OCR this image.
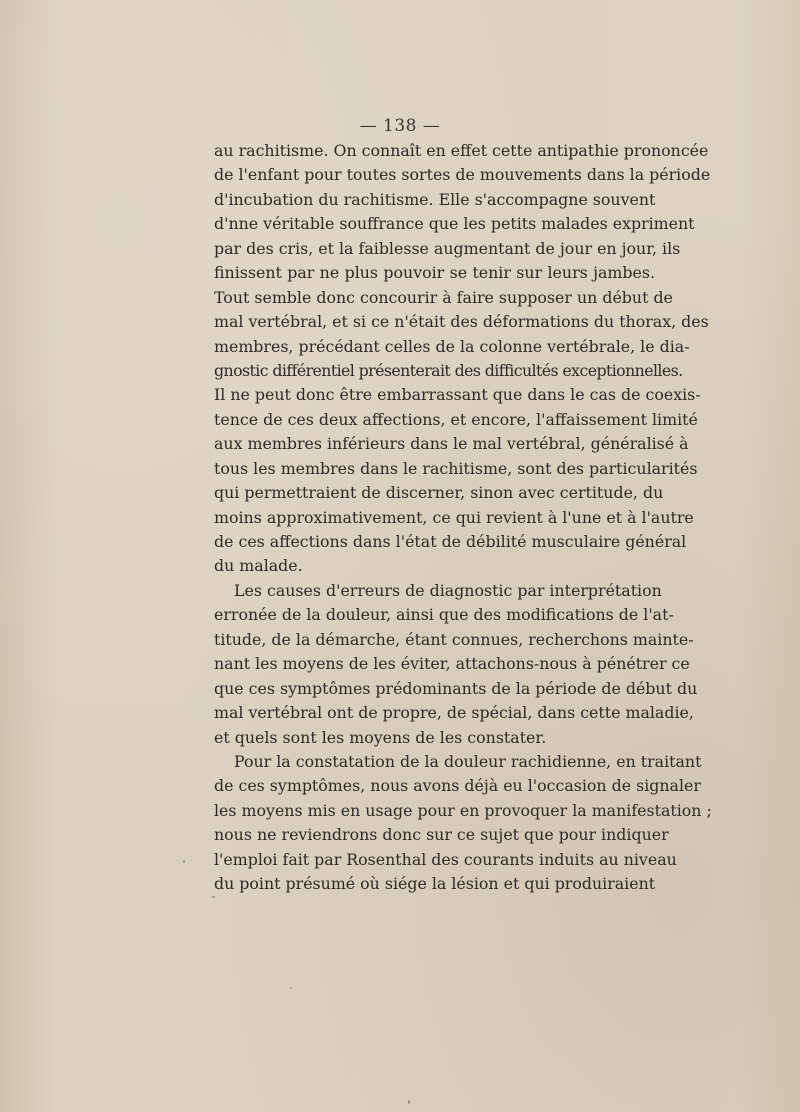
— 138 —
au rachitisme. On connaît en effet cette antipathie prononcée
de l'enfant pour toutes sortes de mouvements dans la période
d'incubation du rachitisme. Elle s'accompagne souvent
d'nne véritable souffrance que les petits malades expriment
par des cris, et la faiblesse augmentant de jour en jour, ils
finissent par ne plus pouvoir se tenir sur leurs jambes.
Tout semble donc concourir à faire supposer un début de
mal vertébral, et si ce n'était des déformations du thorax, des
membres, précédant celles de la colonne vertébrale, le dia-
gnostic différentiel présenterait des difficultés exceptionnelles.
Il ne peut donc être embarrassant que dans le cas de coexis-
tence de ces deux affections, et encore, l'affaissement limité
aux membres inférieurs dans le mal vertébral, généralisé à
tous les membres dans le rachitisme, sont des particularités
qui permettraient de discerner, sinon avec certitude, du
moins approximativement, ce qui revient à l'une et à l'autre
de ces affections dans l'état de débilité musculaire général
du malade.
Les causes d'erreurs de diagnostic par interprétation
erronée de la douleur, ainsi que des modifications de l'at-
titude, de la démarche, étant connues, recherchons mainte-
nant les moyens de les éviter, attachons-nous à pénétrer ce
que ces symptômes prédominants de la période de début du
mal vertébral ont de propre, de spécial, dans cette maladie,
et quels sont les moyens de les constater.
Pour la constatation de la douleur rachidienne, en traitant
de ces symptômes, nous avons déjà eu l'occasion de signaler
les moyens mis en usage pour en provoquer la manifestation ;
nous ne reviendrons donc sur ce sujet que pour indiquer
l'emploi fait par Rosenthal des courants induits au niveau
du point présumé où siége la lésion et qui produiraient
